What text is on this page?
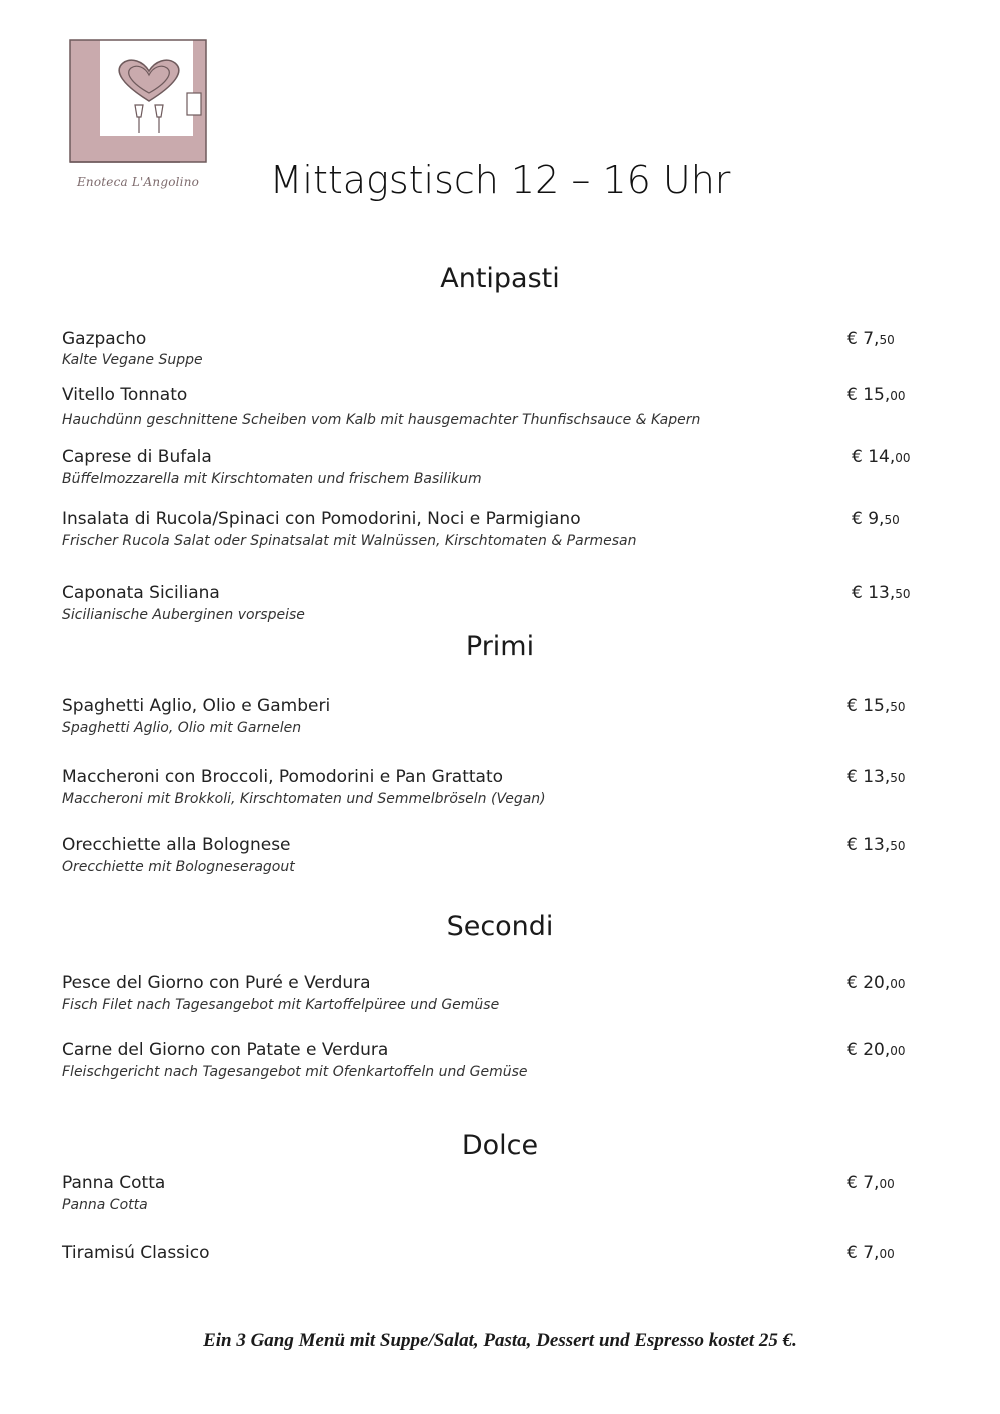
Enoteca L'Angolino	Mittagstisch 12 – 16 Uhr
Antipasti
Gazpacho
Kalte Vegane Suppe
€ 7,50
Vitello Tonnato
Hauchdünn geschnittene Scheiben vom Kalb mit hausgemachter Thunfischsauce & Kapern
€ 15,00
Caprese di Bufala
Büffelmozzarella mit Kirschtomaten und frischem Basilikum
€ 14,00
Insalata di Rucola/Spinaci con Pomodorini, Noci e Parmigiano
Frischer Rucola Salat oder Spinatsalat mit Walnüssen, Kirschtomaten & Parmesan
€ 9,50
Caponata Siciliana
Sicilianische Auberginen vorspeise
€ 13,50
Primi
Spaghetti Aglio, Olio e Gamberi
Spaghetti Aglio, Olio mit Garnelen
€ 15,50
Maccheroni con Broccoli, Pomodorini e Pan Grattato
Maccheroni mit Brokkoli, Kirschtomaten und Semmelbröseln (Vegan)
€ 13,50
Orecchiette alla Bolognese
Orecchiette mit Bologneseragout
€ 13,50
Secondi
Pesce del Giorno con Puré e Verdura
Fisch Filet nach Tagesangebot mit Kartoffelpüree und Gemüse
€ 20,00
Carne del Giorno con Patate e Verdura
Fleischgericht nach Tagesangebot mit Ofenkartoffeln und Gemüse
€ 20,00
Dolce
Panna Cotta
Panna Cotta
€ 7,00
Tiramisú Classico	€ 7,00
Ein 3 Gang Menü mit Suppe/Salat, Pasta, Dessert und Espresso kostet 25 €.
